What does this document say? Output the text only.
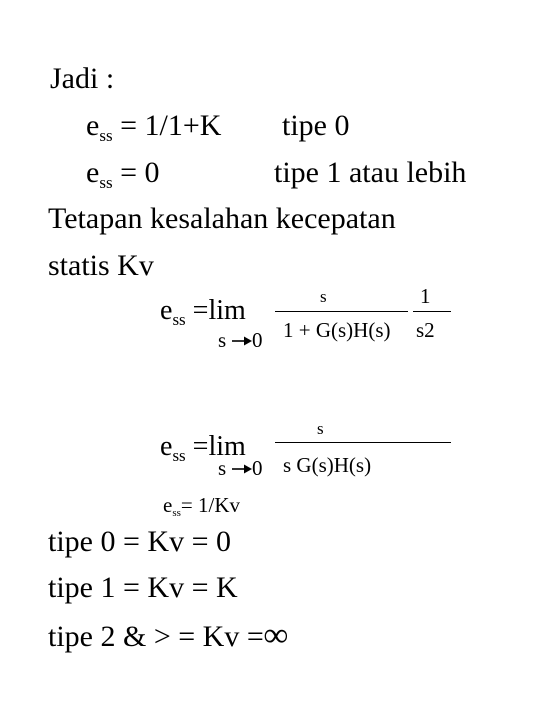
Jadi :
$e_{ss} = 1/1+K$ tipe 0
$e_{ss} = 0$	tipe 1 atau lebih
Tetapan kesalahan kecepatan
statis Kv
$e_{ss} =\lim$
s 0
s
1 + G(s)H(s)
1
s2
$e_{ss} =\lim$
s 0
s
s G(s)H(s)
$e_{ss}= 1/Kv$
tipe 0 = Kv = 0
tipe 1 = Kv = K
tipe 2 & > = Kv =∞
